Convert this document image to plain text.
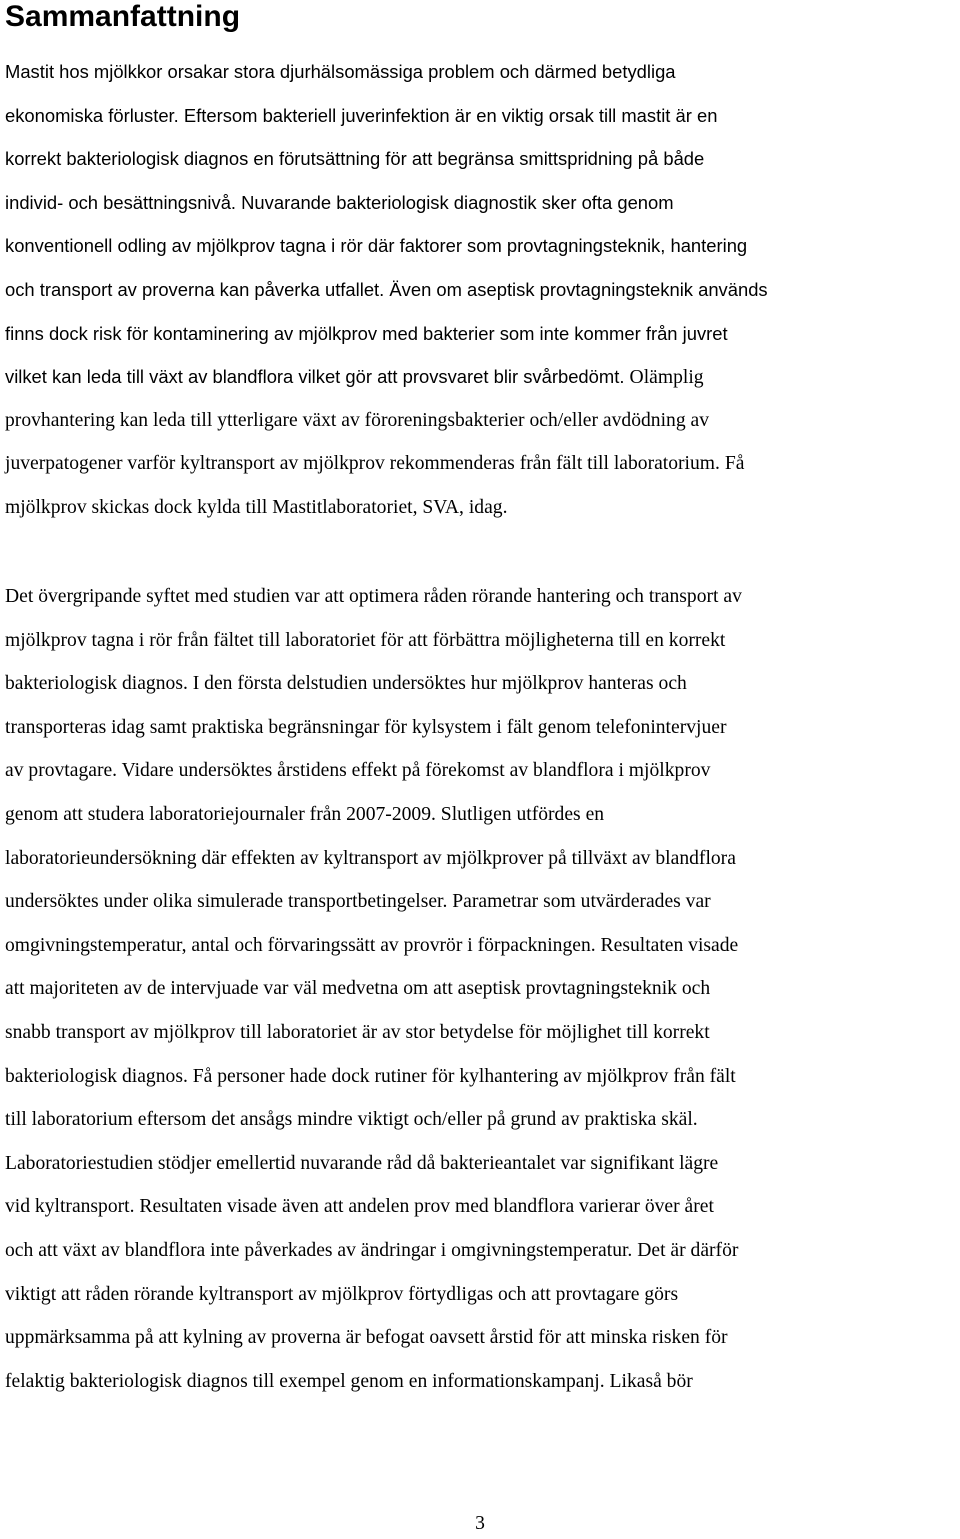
Sammanfattning
Mastit hos mjölkkor orsakar stora djurhälsomässiga problem och därmed betydliga
ekonomiska förluster. Eftersom bakteriell juverinfektion är en viktig orsak till mastit är en
korrekt bakteriologisk diagnos en förutsättning för att begränsa smittspridning på både
individ- och besättningsnivå. Nuvarande bakteriologisk diagnostik sker ofta genom
konventionell odling av mjölkprov tagna i rör där faktorer som provtagningsteknik, hantering
och transport av proverna kan påverka utfallet. Även om aseptisk provtagningsteknik används
finns dock risk för kontaminering av mjölkprov med bakterier som inte kommer från juvret
vilket kan leda till växt av blandflora vilket gör att provsvaret blir svårbedömt. Olämplig
provhantering kan leda till ytterligare växt av föroreningsbakterier och/eller avdödning av
juverpatogener varför kyltransport av mjölkprov rekommenderas från fält till laboratorium. Få
mjölkprov skickas dock kylda till Mastitlaboratoriet, SVA, idag.
Det övergripande syftet med studien var att optimera råden rörande hantering och transport av
mjölkprov tagna i rör från fältet till laboratoriet för att förbättra möjligheterna till en korrekt
bakteriologisk diagnos. I den första delstudien undersöktes hur mjölkprov hanteras och
transporteras idag samt praktiska begränsningar för kylsystem i fält genom telefonintervjuer
av provtagare. Vidare undersöktes årstidens effekt på förekomst av blandflora i mjölkprov
genom att studera laboratoriejournaler från 2007-2009. Slutligen utfördes en
laboratorieundersökning där effekten av kyltransport av mjölkprover på tillväxt av blandflora
undersöktes under olika simulerade transportbetingelser. Parametrar som utvärderades var
omgivningstemperatur, antal och förvaringssätt av provrör i förpackningen. Resultaten visade
att majoriteten av de intervjuade var väl medvetna om att aseptisk provtagningsteknik och
snabb transport av mjölkprov till laboratoriet är av stor betydelse för möjlighet till korrekt
bakteriologisk diagnos. Få personer hade dock rutiner för kylhantering av mjölkprov från fält
till laboratorium eftersom det ansågs mindre viktigt och/eller på grund av praktiska skäl.
Laboratoriestudien stödjer emellertid nuvarande råd då bakterieantalet var signifikant lägre
vid kyltransport. Resultaten visade även att andelen prov med blandflora varierar över året
och att växt av blandflora inte påverkades av ändringar i omgivningstemperatur. Det är därför
viktigt att råden rörande kyltransport av mjölkprov förtydligas och att provtagare görs
uppmärksamma på att kylning av proverna är befogat oavsett årstid för att minska risken för
felaktig bakteriologisk diagnos till exempel genom en informationskampanj. Likaså bör
3
